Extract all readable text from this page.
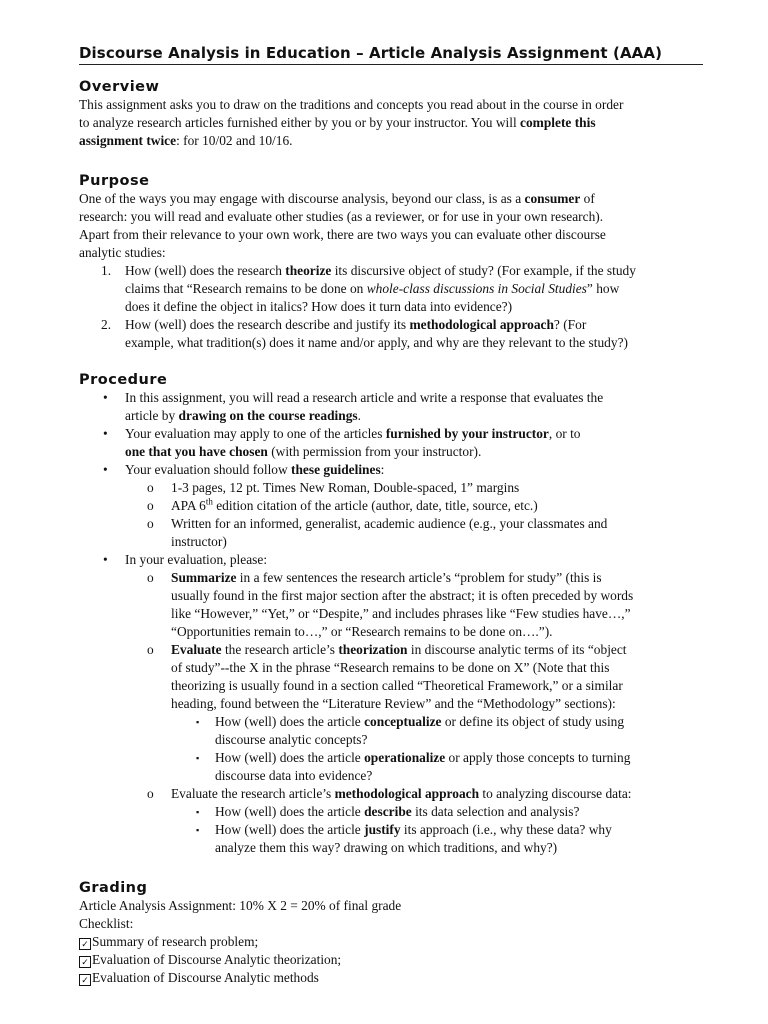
Discourse Analysis in Education – Article Analysis Assignment (AAA)
Overview

This assignment asks you to draw on the traditions and concepts you read about in the course in order
to analyze research articles furnished either by you or by your instructor. You will complete this
assignment twice: for 10/02 and 10/16.

Purpose

One of the ways you may engage with discourse analysis, beyond our class, is as a consumer of
research: you will read and evaluate other studies (as a reviewer, or for use in your own research).
Apart from their relevance to your own work, there are two ways you can evaluate other discourse
analytic studies:

1. How (well) does the research theorize its discursive object of study? (For example, if the study
claims that “Research remains to be done on whole-class discussions in Social Studies” how
does it define the object in italics? How does it turn data into evidence?)
2. How (well) does the research describe and justify its methodological approach? (For
example, what tradition(s) does it name and/or apply, and why are they relevant to the study?)
Procedure
• In this assignment, you will read a research article and write a response that evaluates the
article by drawing on the course readings.
• Your evaluation may apply to one of the articles furnished by your instructor, or to
one that you have chosen (with permission from your instructor).
• Your evaluation should follow these guidelines:
o 1-3 pages, 12 pt. Times New Roman, Double-spaced, 1” margins
o APA 6th edition citation of the article (author, date, title, source, etc.)
o Written for an informed, generalist, academic audience (e.g., your classmates and
instructor)
• In your evaluation, please:
o Summarize in a few sentences the research article’s “problem for study” (this is
usually found in the first major section after the abstract; it is often preceded by words
like “However,” “Yet,” or “Despite,” and includes phrases like “Few studies have…,”
“Opportunities remain to…,” or “Research remains to be done on….”).
o Evaluate the research article’s theorization in discourse analytic terms of its “object
of study”--the X in the phrase “Research remains to be done on X” (Note that this
theorizing is usually found in a section called “Theoretical Framework,” or a similar
heading, found between the “Literature Review” and the “Methodology” sections):
▪ How (well) does the article conceptualize or define its object of study using
discourse analytic concepts?
▪ How (well) does the article operationalize or apply those concepts to turning
discourse data into evidence?
o Evaluate the research article’s methodological approach to analyzing discourse data:
▪ How (well) does the article describe its data selection and analysis?
▪ How (well) does the article justify its approach (i.e., why these data? why
analyze them this way? drawing on which traditions, and why?)
Grading

Article Analysis Assignment: 10% X 2 = 20% of final grade

Checklist:

✓ Summary of research problem;
✓ Evaluation of Discourse Analytic theorization;
✓ Evaluation of Discourse Analytic methods
